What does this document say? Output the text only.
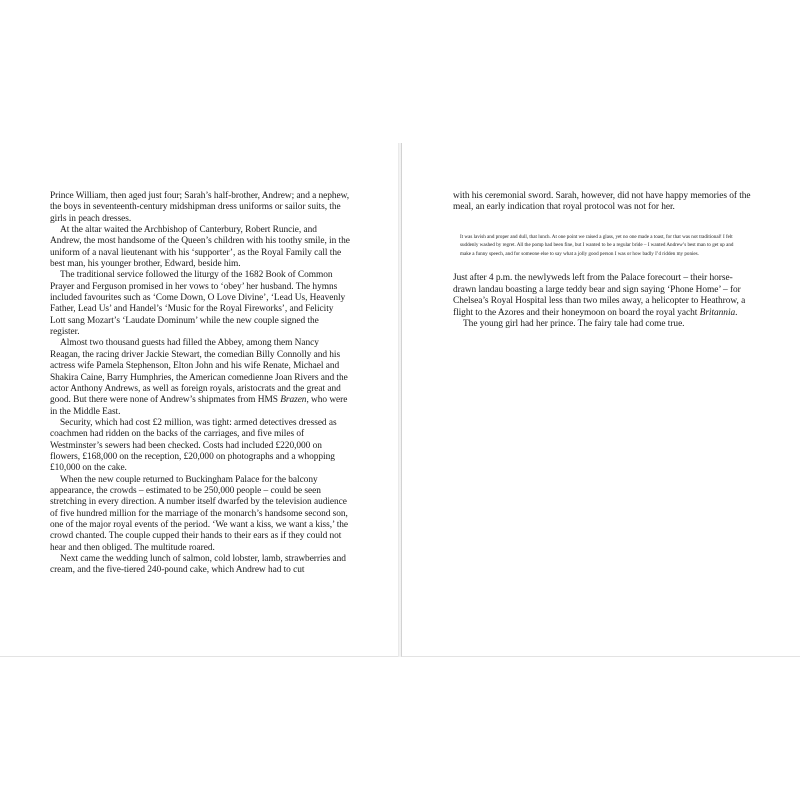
Prince William, then aged just four; Sarah’s half-brother, Andrew; and a nephew, the boys in seventeenth-century midshipman dress uniforms or sailor suits, the girls in peach dresses.

At the altar waited the Archbishop of Canterbury, Robert Runcie, and Andrew, the most handsome of the Queen’s children with his toothy smile, in the uniform of a naval lieutenant with his ‘supporter’, as the Royal Family call the best man, his younger brother, Edward, beside him.

The traditional service followed the liturgy of the 1682 Book of Common Prayer and Ferguson promised in her vows to ‘obey’ her husband. The hymns included favourites such as ‘Come Down, O Love Divine’, ‘Lead Us, Heavenly Father, Lead Us’ and Handel’s ‘Music for the Royal Fireworks’, and Felicity Lott sang Mozart’s ‘Laudate Dominum’ while the new couple signed the register.

Almost two thousand guests had filled the Abbey, among them Nancy Reagan, the racing driver Jackie Stewart, the comedian Billy Connolly and his actress wife Pamela Stephenson, Elton John and his wife Renate, Michael and Shakira Caine, Barry Humphries, the American comedienne Joan Rivers and the actor Anthony Andrews, as well as foreign royals, aristocrats and the great and good. But there were none of Andrew’s shipmates from HMS Brazen, who were in the Middle East.

Security, which had cost £2 million, was tight: armed detectives dressed as coachmen had ridden on the backs of the carriages, and five miles of Westminster’s sewers had been checked. Costs had included £220,000 on flowers, £168,000 on the reception, £20,000 on photographs and a whopping £10,000 on the cake.

When the new couple returned to Buckingham Palace for the balcony appearance, the crowds – estimated to be 250,000 people – could be seen stretching in every direction. A number itself dwarfed by the television audience of five hundred million for the marriage of the monarch’s handsome second son, one of the major royal events of the period. ‘We want a kiss, we want a kiss,’ the crowd chanted. The couple cupped their hands to their ears as if they could not hear and then obliged. The multitude roared.

Next came the wedding lunch of salmon, cold lobster, lamb, strawberries and cream, and the five-tiered 240-pound cake, which Andrew had to cut

with his ceremonial sword. Sarah, however, did not have happy memories of the meal, an early indication that royal protocol was not for her.

It was lavish and proper and dull, that lunch. At one point we raised a glass, yet no one made a toast, for that was not traditional! I felt suddenly washed by regret. All the pomp had been fine, but I wanted to be a regular bride – I wanted Andrew’s best man to get up and make a funny speech, and for someone else to say what a jolly good person I was or how badly I’d ridden my ponies.

Just after 4 p.m. the newlyweds left from the Palace forecourt – their horse-drawn landau boasting a large teddy bear and sign saying ‘Phone Home’ – for Chelsea’s Royal Hospital less than two miles away, a helicopter to Heathrow, a flight to the Azores and their honeymoon on board the royal yacht Britannia.

The young girl had her prince. The fairy tale had come true.
